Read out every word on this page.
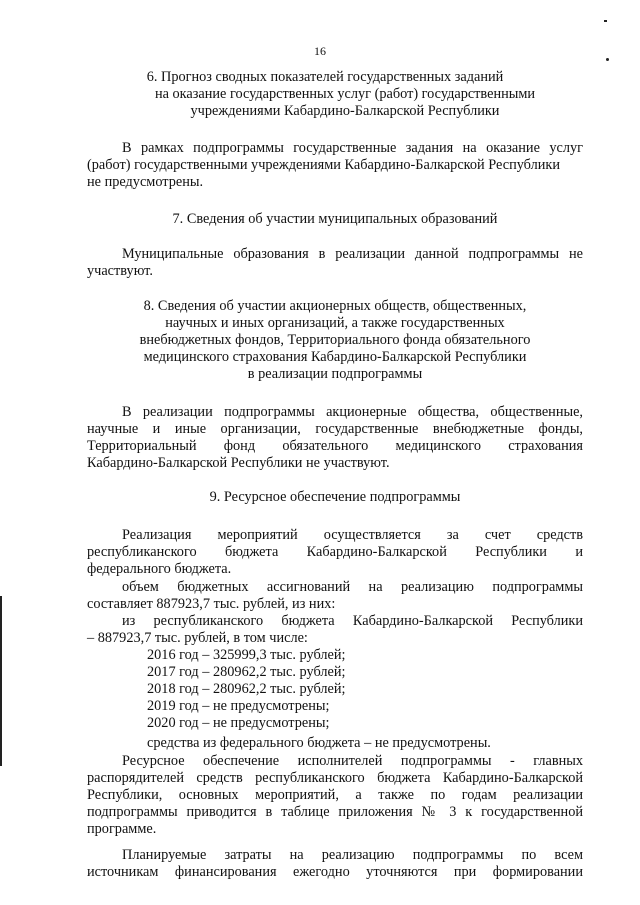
16
6. Прогноз сводных показателей государственных заданий
на оказание государственных услуг (работ) государственными
учреждениями Кабардино-Балкарской Республики
В рамках подпрограммы государственные задания на оказание услуг
(работ) государственными учреждениями Кабардино-Балкарской Республики
не предусмотрены.
7. Сведения об участии муниципальных образований
Муниципальные образования в реализации данной подпрограммы не
участвуют.
8. Сведения об участии акционерных обществ, общественных,
научных и иных организаций, а также государственных
внебюджетных фондов, Территориального фонда обязательного
медицинского страхования Кабардино-Балкарской Республики
в реализации подпрограммы
В реализации подпрограммы акционерные общества, общественные,
научные и иные организации, государственные внебюджетные фонды,
Территориальный фонд обязательного медицинского страхования
Кабардино-Балкарской Республики не участвуют.
9. Ресурсное обеспечение подпрограммы
Реализация мероприятий осуществляется за счет средств
республиканского бюджета Кабардино-Балкарской Республики и
федерального бюджета.
объем бюджетных ассигнований на реализацию подпрограммы
составляет 887923,7 тыс. рублей, из них:
из республиканского бюджета Кабардино-Балкарской Республики
– 887923,7 тыс. рублей, в том числе:
2016 год – 325999,3 тыс. рублей;
2017 год – 280962,2 тыс. рублей;
2018 год – 280962,2 тыс. рублей;
2019 год – не предусмотрены;
2020 год – не предусмотрены;
средства из федерального бюджета – не предусмотрены.
Ресурсное обеспечение исполнителей подпрограммы - главных
распорядителей средств республиканского бюджета Кабардино-Балкарской
Республики, основных мероприятий, а также по годам реализации
подпрограммы приводится в таблице приложения № 3 к государственной
программе.
Планируемые затраты на реализацию подпрограммы по всем
источникам финансирования ежегодно уточняются при формировании
